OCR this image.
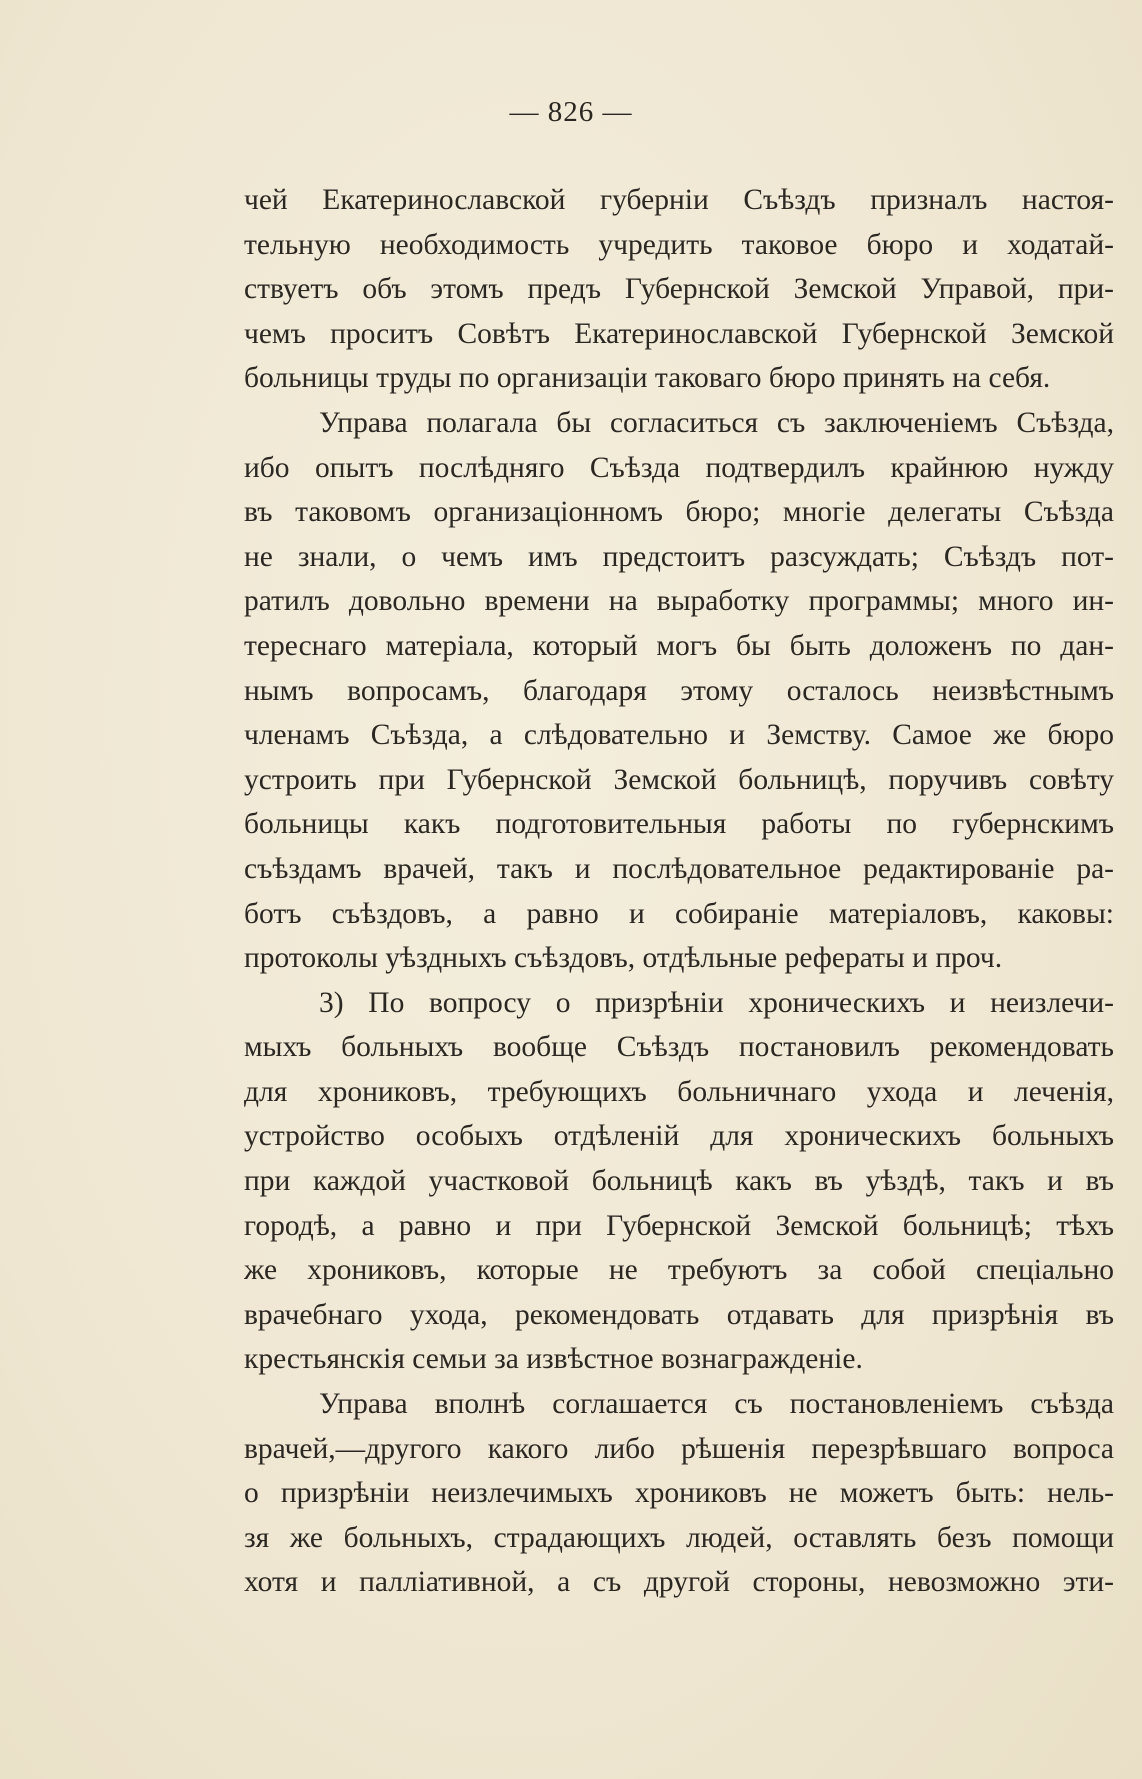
— 826 —
чей Екатеринославской губерніи Съѣздъ призналъ настоя-
тельную необходимость учредить таковое бюро и ходатай-
ствуетъ объ этомъ предъ Губернской Земской Управой, при-
чемъ проситъ Совѣтъ Екатеринославской Губернской Земской
больницы труды по организаціи таковаго бюро принять на себя.
Управа полагала бы согласиться съ заключеніемъ Съѣзда,
ибо опытъ послѣдняго Съѣзда подтвердилъ крайнюю нужду
въ таковомъ организаціонномъ бюро; многіе делегаты Съѣзда
не знали, о чемъ имъ предстоитъ разсуждать; Съѣздъ пот-
ратилъ довольно времени на выработку программы; много ин-
тереснаго матеріала, который могъ бы быть доложенъ по дан-
нымъ вопросамъ, благодаря этому осталось неизвѣстнымъ
членамъ Съѣзда, а слѣдовательно и Земству. Самое же бюро
устроить при Губернской Земской больницѣ, поручивъ совѣту
больницы какъ подготовительныя работы по губернскимъ
съѣздамъ врачей, такъ и послѣдовательное редактированіе ра-
ботъ съѣздовъ, а равно и собираніе матеріаловъ, каковы:
протоколы уѣздныхъ съѣздовъ, отдѣльные рефераты и проч.
3) По вопросу о призрѣніи хроническихъ и неизлечи-
мыхъ больныхъ вообще Съѣздъ постановилъ рекомендовать
для хрониковъ, требующихъ больничнаго ухода и леченія,
устройство особыхъ отдѣленій для хроническихъ больныхъ
при каждой участковой больницѣ какъ въ уѣздѣ, такъ и въ
городѣ, а равно и при Губернской Земской больницѣ; тѣхъ
же хрониковъ, которые не требуютъ за собой спеціально
врачебнаго ухода, рекомендовать отдавать для призрѣнія въ
крестьянскія семьи за извѣстное вознагражденіе.
Управа вполнѣ соглашается съ постановленіемъ съѣзда
врачей,—другого какого либо рѣшенія перезрѣвшаго вопроса
о призрѣніи неизлечимыхъ хрониковъ не можетъ быть: нель-
зя же больныхъ, страдающихъ людей, оставлять безъ помощи
хотя и палліативной, а съ другой стороны, невозможно эти-
